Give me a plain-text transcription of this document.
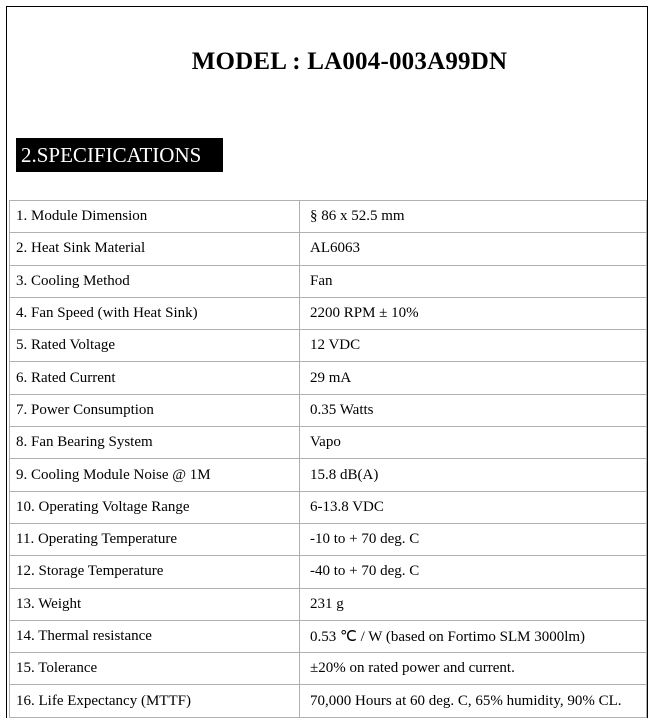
MODEL : LA004-003A99DN
2.SPECIFICATIONS
1. Module Dimension	§ 86 x 52.5 mm
2. Heat Sink Material	AL6063
3. Cooling Method	Fan
4. Fan Speed (with Heat Sink)	2200 RPM ± 10%
5. Rated Voltage	12 VDC
6. Rated Current	29 mA
7. Power Consumption	0.35 Watts
8. Fan Bearing System	Vapo
9. Cooling Module Noise @ 1M	15.8 dB(A)
10. Operating Voltage Range	6-13.8 VDC
11. Operating Temperature	-10 to + 70 deg. C
12. Storage Temperature	-40 to + 70 deg. C
13. Weight	231 g
14. Thermal resistance	0.53 ℃ / W (based on Fortimo SLM 3000lm)
15. Tolerance	±20% on rated power and current.
16. Life Expectancy (MTTF)	70,000 Hours at 60 deg. C, 65% humidity, 90% CL.
